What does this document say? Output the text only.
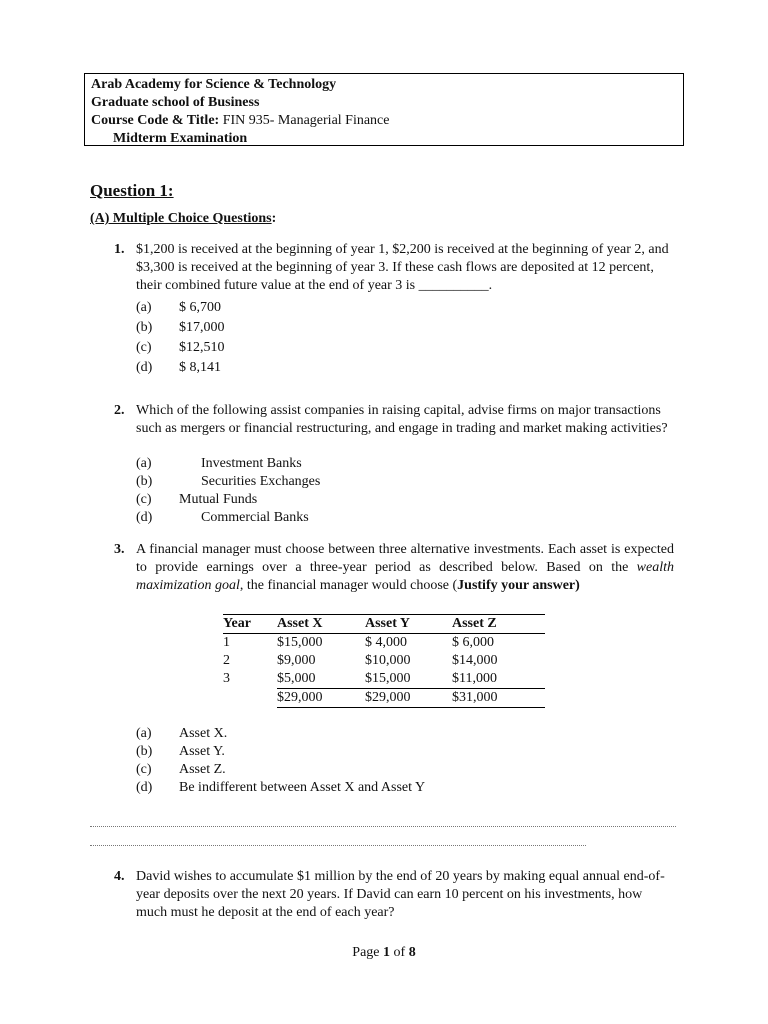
Arab Academy for Science & Technology
Graduate school of Business
Course Code & Title: FIN 935- Managerial Finance
Midterm Examination
Question 1:
(A) Multiple Choice Questions:
1. $1,200 is received at the beginning of year 1, $2,200 is received at the beginning of year 2, and $3,300 is received at the beginning of year 3. If these cash flows are deposited at 12 percent, their combined future value at the end of year 3 is __________.
(a)	$ 6,700
(b)	$17,000
(c)	$12,510
(d)	$ 8,141
2. Which of the following assist companies in raising capital, advise firms on major transactions such as mergers or financial restructuring, and engage in trading and market making activities?
(a)	Investment Banks
(b)	Securities Exchanges
(c)	Mutual Funds
(d)	Commercial Banks
3. A financial manager must choose between three alternative investments. Each asset is expected to provide earnings over a three-year period as described below. Based on the wealth maximization goal, the financial manager would choose (Justify your answer)
Year	Asset X	Asset Y	Asset Z
1	$15,000	$ 4,000	$ 6,000
2	$9,000	$10,000	$14,000
3	$5,000	$15,000	$11,000
	$29,000	$29,000	$31,000
(a)	Asset X.
(b)	Asset Y.
(c)	Asset Z.
(d)	Be indifferent between Asset X and Asset Y
4. David wishes to accumulate $1 million by the end of 20 years by making equal annual end-of-year deposits over the next 20 years. If David can earn 10 percent on his investments, how much must he deposit at the end of each year?
Page 1 of 8
